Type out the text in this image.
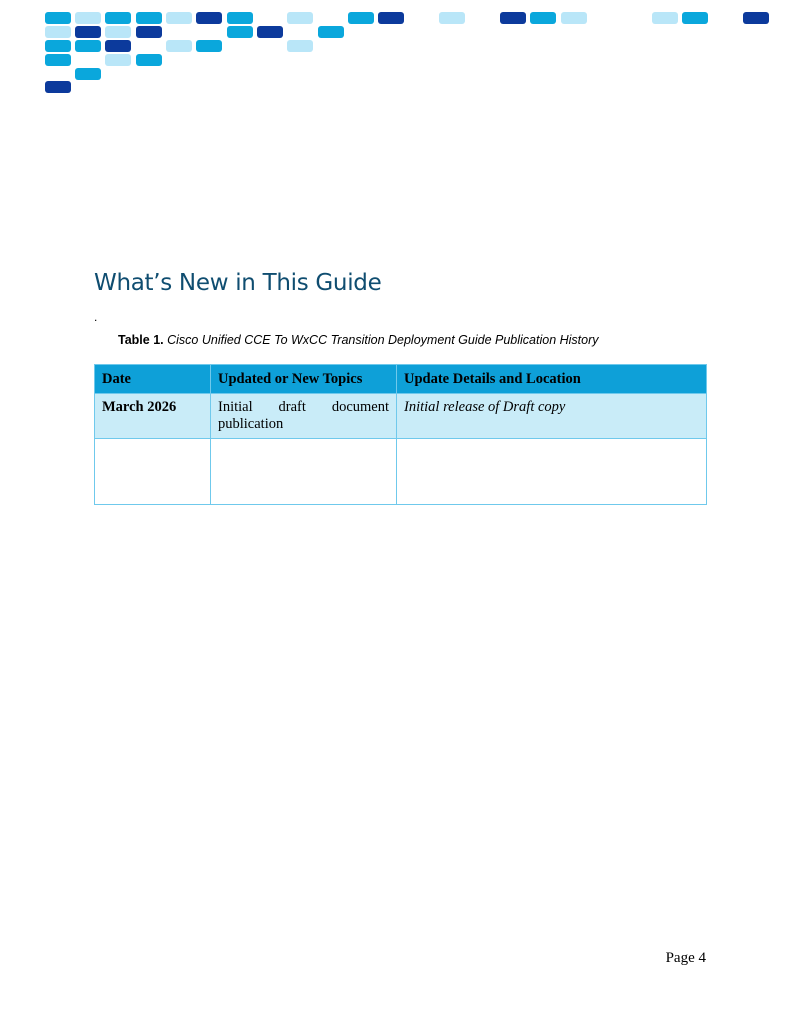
What’s New in This Guide
.
Table 1. Cisco Unified CCE To WxCC Transition Deployment Guide Publication History
Date	Updated or New Topics	Update Details and Location
March 2026	Initial draft document publication	Initial release of Draft copy

Page 4
